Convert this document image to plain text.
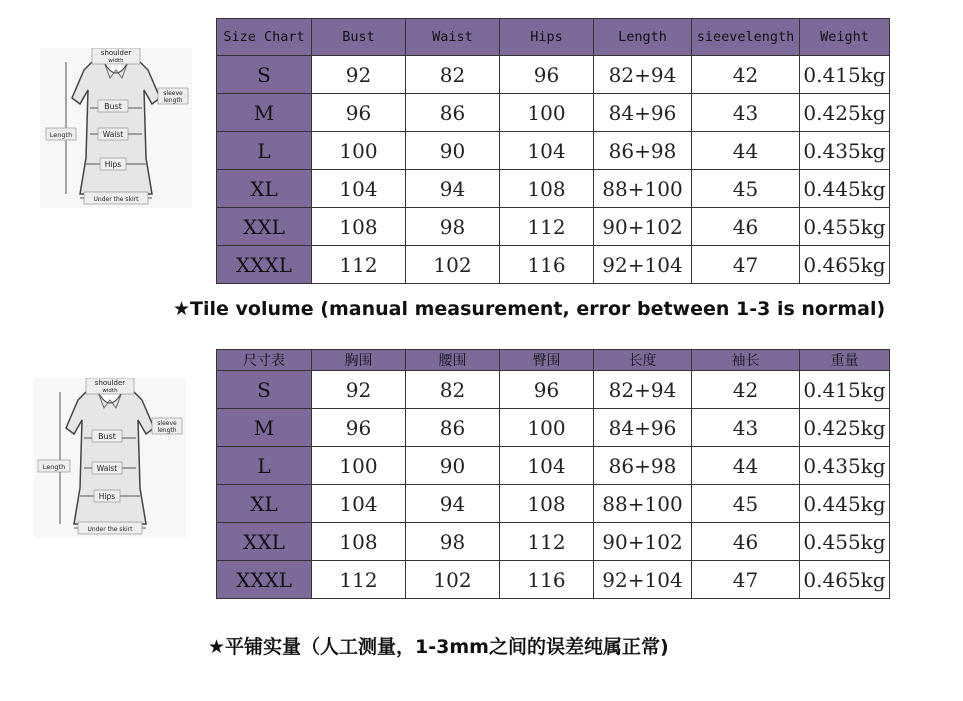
shoulder
width
Bust
sleeve
length
Length	Waist
Hips
Under the skirt
Size Chart	Bust	Waist	Hips	Length	sieevelength	Weight
S	92	82	96	82+94	42	0.415kg
M	96	86	100	84+96	43	0.425kg
L	100	90	104	86+98	44	0.435kg
XL	104	94	108	88+100	45	0.445kg
XXL	108	98	112	90+102	46	0.455kg
XXXL	112	102	116	92+104	47	0.465kg
★Tile volume (manual measurement, error between 1-3 is normal)
shoulder
width
Bust
sleeve
length
Length	Waist
Hips
Under the skirt
尺寸表	胸围	腰围	臀围	长度	袖长	重量
S	92	82	96	82+94	42	0.415kg
M	96	86	100	84+96	43	0.425kg
L	100	90	104	86+98	44	0.435kg
XL	104	94	108	88+100	45	0.445kg
XXL	108	98	112	90+102	46	0.455kg
XXXL	112	102	116	92+104	47	0.465kg
★平铺实量（人工测量，1-3mm之间的误差纯属正常)
